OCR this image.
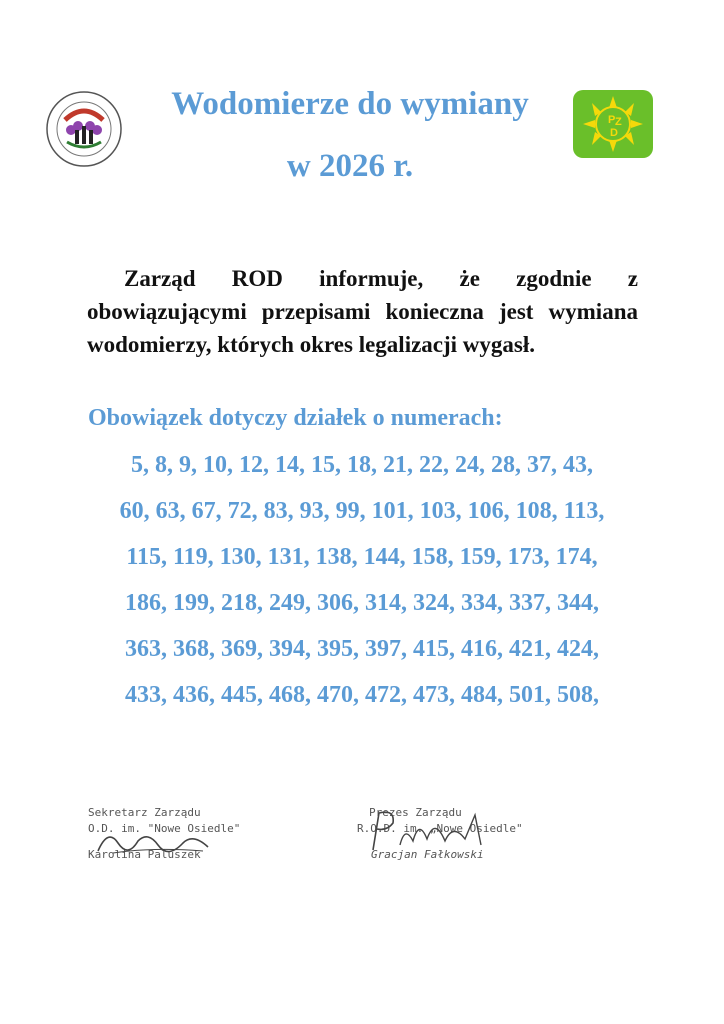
P Z
D
Wodomierze do wymiany
w 2026 r.

Zarząd ROD informuje, że zgodnie z obowiązującymi przepisami konieczna jest wymiana wodomierzy, których okres legalizacji wygasł.

Obowiązek dotyczy działek o numerach:
5, 8, 9, 10, 12, 14, 15, 18, 21, 22, 24, 28, 37, 43,
60, 63, 67, 72, 83, 93, 99, 101, 103, 106, 108, 113,
115, 119, 130, 131, 138, 144, 158, 159, 173, 174,
186, 199, 218, 249, 306, 314, 324, 334, 337, 344,
363, 368, 369, 394, 395, 397, 415, 416, 421, 424,
433, 436, 445, 468, 470, 472, 473, 484, 501, 508,
Sekretarz Zarządu
O.D. im. "Nowe Osiedle"
Karolina Paluszek
Prezes Zarządu
R.O.D. im. „Nowe Osiedle"
Gracjan Fałkowski
